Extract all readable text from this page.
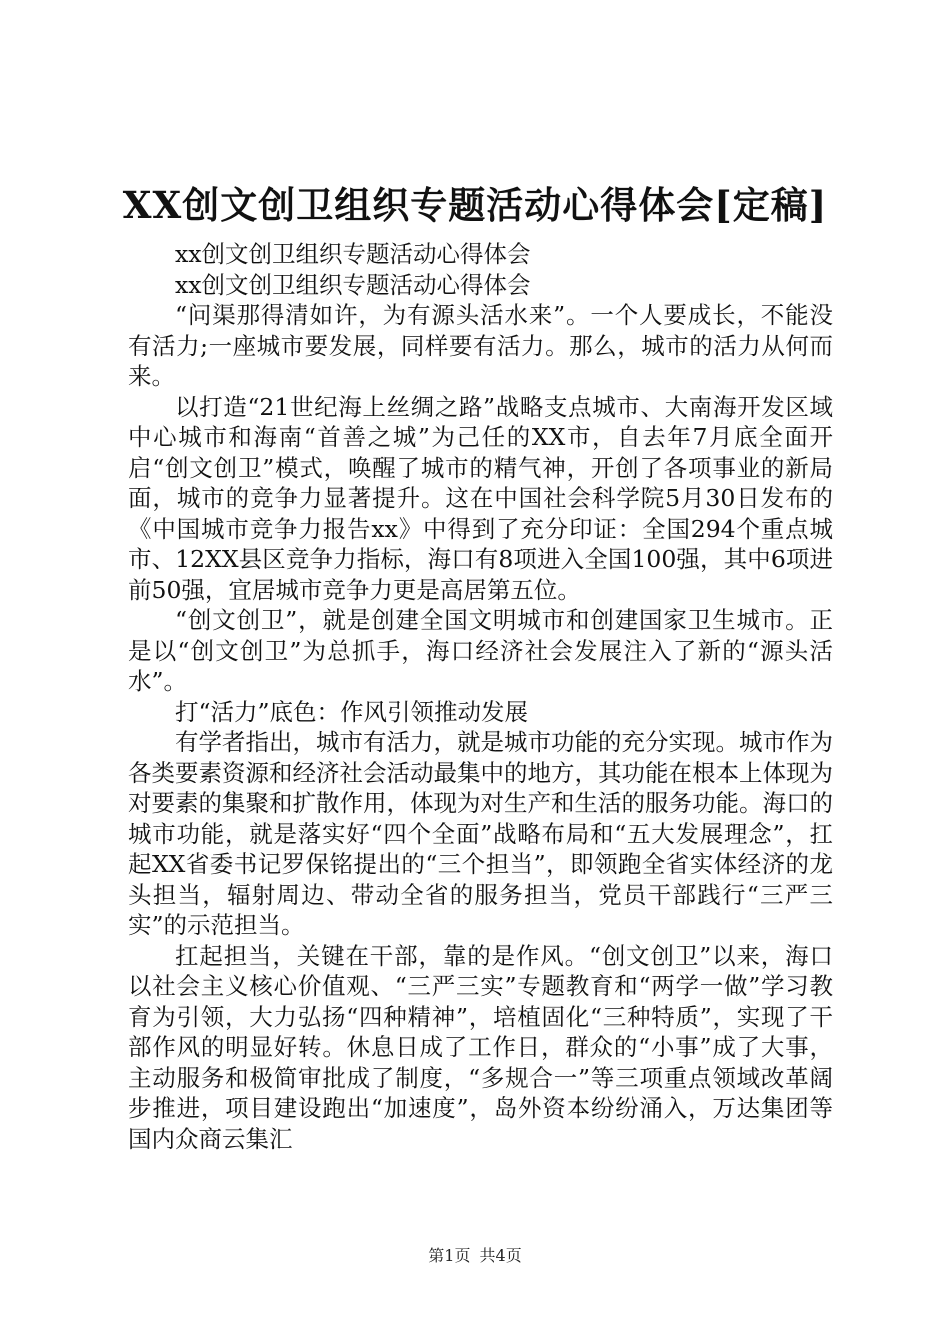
XX创文创卫组织专题活动心得体会[定稿]

xx创文创卫组织专题活动心得体会

xx创文创卫组织专题活动心得体会

“问渠那得清如许，为有源头活水来”。一个人要成长，不能没有活力;一座城市要发展，同样要有活力。那么，城市的活力从何而来。

以打造“21世纪海上丝绸之路”战略支点城市、大南海开发区域中心城市和海南“首善之城”为己任的XX市，自去年7月底全面开启“创文创卫”模式，唤醒了城市的精气神，开创了各项事业的新局面，城市的竞争力显著提升。这在中国社会科学院5月30日发布的《中国城市竞争力报告xx》中得到了充分印证：全国294个重点城市、12XX县区竞争力指标，海口有8项进入全国100强，其中6项进前50强，宜居城市竞争力更是高居第五位。

“创文创卫”，就是创建全国文明城市和创建国家卫生城市。正是以“创文创卫”为总抓手，海口经济社会发展注入了新的“源头活水”。

打“活力”底色：作风引领推动发展

有学者指出，城市有活力，就是城市功能的充分实现。城市作为各类要素资源和经济社会活动最集中的地方，其功能在根本上体现为对要素的集聚和扩散作用，体现为对生产和生活的服务功能。海口的城市功能，就是落实好“四个全面”战略布局和“五大发展理念”，扛起XX省委书记罗保铭提出的“三个担当”，即领跑全省实体经济的龙头担当，辐射周边、带动全省的服务担当，党员干部践行“三严三实”的示范担当。

扛起担当，关键在干部，靠的是作风。“创文创卫”以来，海口以社会主义核心价值观、“三严三实”专题教育和“两学一做”学习教育为引领，大力弘扬“四种精神”，培植固化“三种特质”，实现了干部作风的明显好转。休息日成了工作日，群众的“小事”成了大事，主动服务和极简审批成了制度，“多规合一”等三项重点领域改革阔步推进，项目建设跑出“加速度”，岛外资本纷纷涌入，万达集团等国内众商云集汇

第1页 共4页
